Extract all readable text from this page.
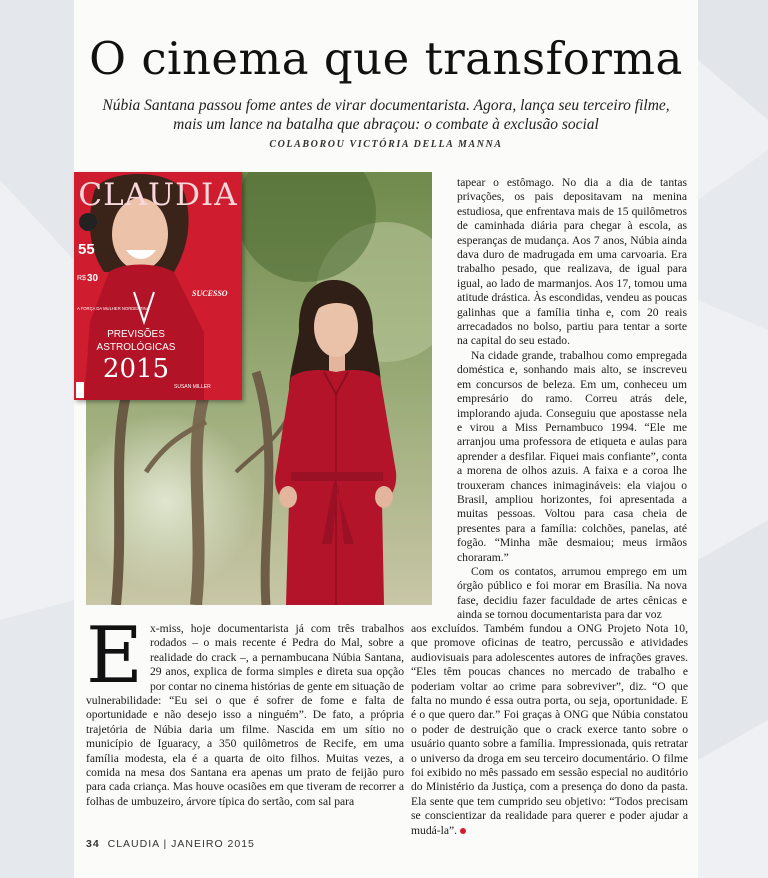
O cinema que transforma

Núbia Santana passou fome antes de virar documentarista. Agora, lança seu terceiro filme, mais um lance na batalha que abraçou: o combate à exclusão social

COLABOROU VICTÓRIA DELLA MANNA
CLAUDIA
55
R$ 30
SUCESSO
A FORÇA DA MULHER NORDESTINA
PREVISÕES
ASTROLÓGICAS
2015
SUSAN MILLER

tapear o estômago. No dia a dia de tantas privações, os pais depositavam na menina estudiosa, que enfrentava mais de 15 quilômetros de caminhada diária para chegar à escola, as esperanças de mudança. Aos 7 anos, Núbia ainda dava duro de madrugada em uma carvoaria. Era trabalho pesado, que realizava, de igual para igual, ao lado de marmanjos. Aos 17, tomou uma atitude drástica. Às escondidas, vendeu as poucas galinhas que a família tinha e, com 20 reais arrecadados no bolso, partiu para tentar a sorte na capital do seu estado.

Na cidade grande, trabalhou como empregada doméstica e, sonhando mais alto, se inscreveu em concursos de beleza. Em um, conheceu um empresário do ramo. Correu atrás dele, implorando ajuda. Conseguiu que apostasse nela e virou a Miss Pernambuco 1994. “Ele me arranjou uma professora de etiqueta e aulas para aprender a desfilar. Fiquei mais confiante”, conta a morena de olhos azuis. A faixa e a coroa lhe trouxeram chances inimagináveis: ela viajou o Brasil, ampliou horizontes, foi apresentada a muitas pessoas. Voltou para casa cheia de presentes para a família: colchões, panelas, até fogão. “Minha mãe desmaiou; meus irmãos choraram.”

Com os contatos, arrumou emprego em um órgão público e foi morar em Brasília. Na nova fase, decidiu fazer faculdade de artes cênicas e ainda se tornou documentarista para dar voz

Ex-miss, hoje documentarista já com três trabalhos rodados – o mais recente é Pedra do Mal, sobre a realidade do crack –, a pernambucana Núbia Santana, 29 anos, explica de forma simples e direta sua opção por contar no cinema histórias de gente em situação de vulnerabilidade: “Eu sei o que é sofrer de fome e falta de oportunidade e não desejo isso a ninguém”. De fato, a própria trajetória de Núbia daria um filme. Nascida em um sítio no município de Iguaracy, a 350 quilômetros de Recife, em uma família modesta, ela é a quarta de oito filhos. Muitas vezes, a comida na mesa dos Santana era apenas um prato de feijão puro para cada criança. Mas houve ocasiões em que tiveram de recorrer a folhas de umbuzeiro, árvore típica do sertão, com sal para

aos excluídos. Também fundou a ONG Projeto Nota 10, que promove oficinas de teatro, percussão e atividades audiovisuais para adolescentes autores de infrações graves. “Eles têm poucas chances no mercado de trabalho e poderiam voltar ao crime para sobreviver”, diz. “O que falta no mundo é essa outra porta, ou seja, oportunidade. E é o que quero dar.” Foi graças à ONG que Núbia constatou o poder de destruição que o crack exerce tanto sobre o usuário quanto sobre a família. Impressionada, quis retratar o universo da droga em seu terceiro documentário. O filme foi exibido no mês passado em sessão especial no auditório do Ministério da Justiça, com a presença do dono da pasta. Ela sente que tem cumprido seu objetivo: “Todos precisam se conscientizar da realidade para querer e poder ajudar a mudá-la”.

34 CLAUDIA | JANEIRO 2015
